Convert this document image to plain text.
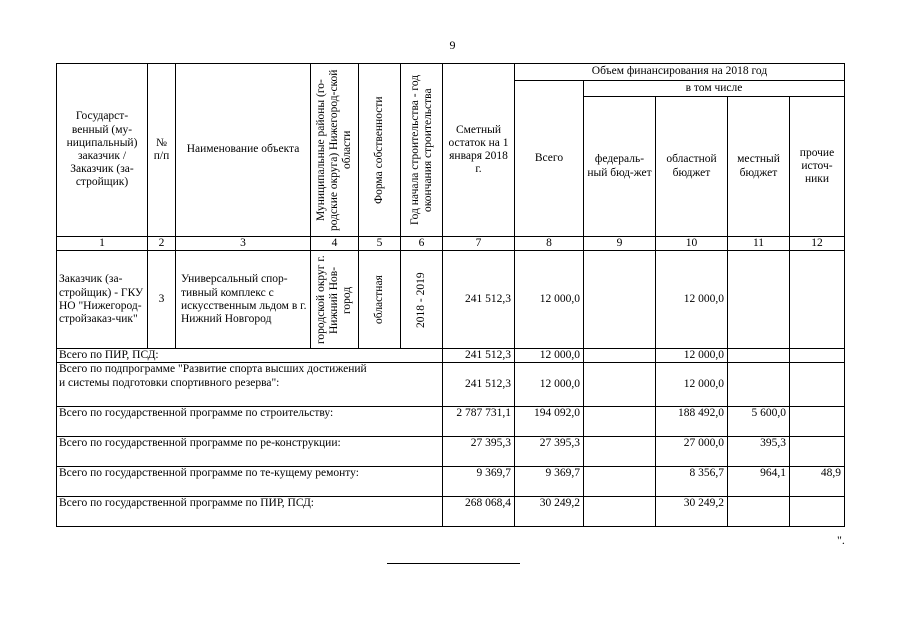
9
Государст-венный (му-ниципальный) заказчик / Заказчик (за-стройщик)	№ п/п	Наименование объекта	Муниципальные районы (го-родские округа) Нижегород-ской области	Форма собственности	Год начала строительства - год окончания строительства	Сметный остаток на 1 января 2018 г.	Объем финансирования на 2018 год				
							Всего	в том числе			
								федераль-ный бюд-жет	областной бюджет	местный бюджет	прочие источ-ники
1	2	3	4	5	6	7	8	9	10	11	12
Заказчик (за-стройщик) - ГКУ НО "Нижегород-стройзаказ-чик"	3	Универсальный спор-тивный комплекс с искусственным льдом в г. Нижний Новгород	городской округ г. Нижний Нов-город	областная	2018 - 2019	241 512,3	12 000,0		12 000,0		
Всего по ПИР, ПСД:						241 512,3	12 000,0		12 000,0		
Всего по подпрограмме "Развитие спорта высших достижений и системы подготовки спортивного резерва":						241 512,3	12 000,0		12 000,0		
Всего по государственной программе по строительству:						2 787 731,1	194 092,0		188 492,0	5 600,0	
Всего по государственной программе по ре-конструкции:						27 395,3	27 395,3		27 000,0	395,3	
Всего по государственной программе по те-кущему ремонту:						9 369,7	9 369,7		8 356,7	964,1	48,9
Всего по государственной программе по ПИР, ПСД:						268 068,4	30 249,2		30 249,2		
".
